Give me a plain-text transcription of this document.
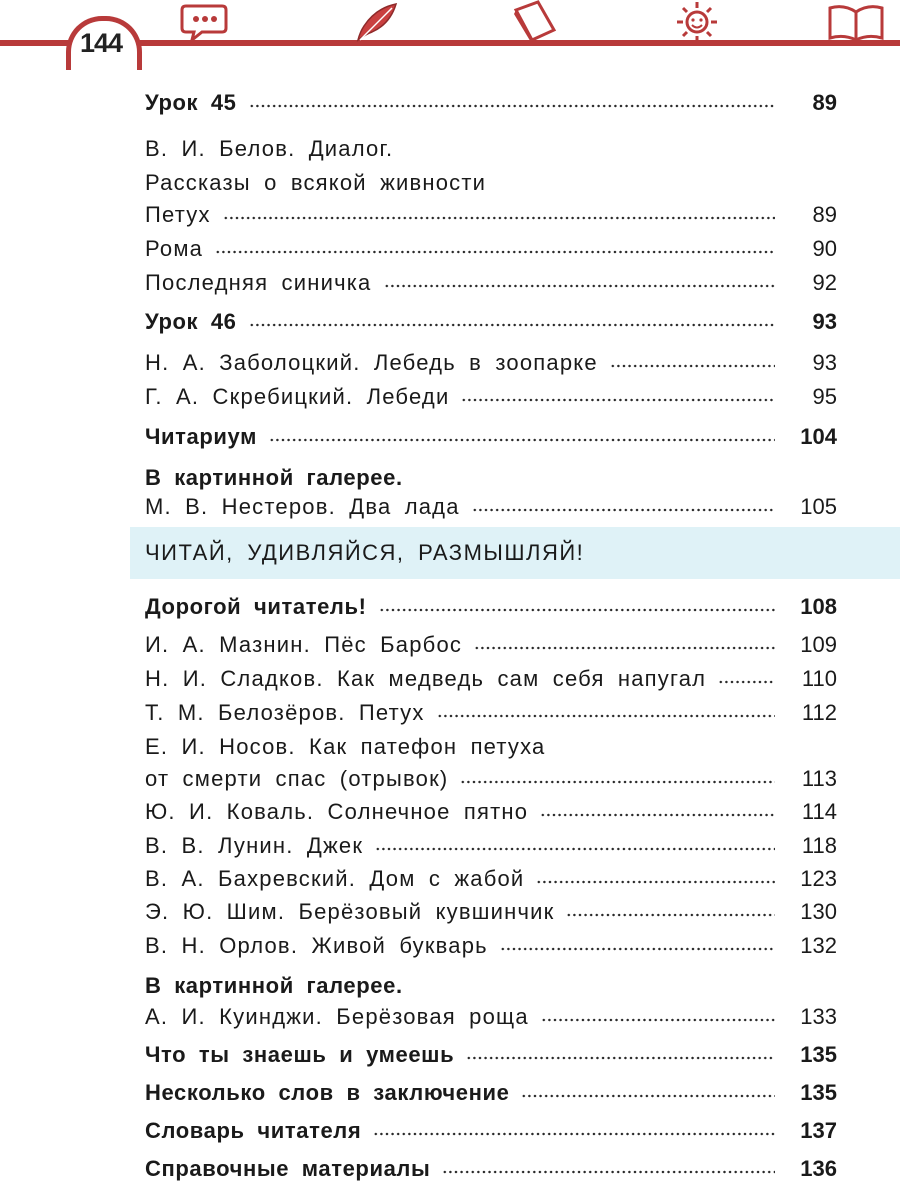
144
ЧИТАЙ, УДИВЛЯЙСЯ, РАЗМЫШЛЯЙ!
Урок 45	89
В. И. Белов. Диалог.
Рассказы о всякой живности
Петух	89
Рома	90
Последняя синичка	92
Урок 46	93
Н. А. Заболоцкий. Лебедь в зоопарке	93
Г. А. Скребицкий. Лебеди	95
Читариум	104
В картинной галерее.
М. В. Нестеров. Два лада	105
Дорогой читатель!	108
И. А. Мазнин. Пёс Барбос	109
Н. И. Сладков. Как медведь сам себя напугал	110
Т. М. Белозёров. Петух	112
Е. И. Носов. Как патефон петуха
от смерти спас (отрывок)	113
Ю. И. Коваль. Солнечное пятно	114
В. В. Лунин. Джек	118
В. А. Бахревский. Дом с жабой	123
Э. Ю. Шим. Берёзовый кувшинчик	130
В. Н. Орлов. Живой букварь	132
В картинной галерее.
А. И. Куинджи. Берёзовая роща	133
Что ты знаешь и умеешь	135
Несколько слов в заключение	135
Словарь читателя	137
Справочные материалы	136
